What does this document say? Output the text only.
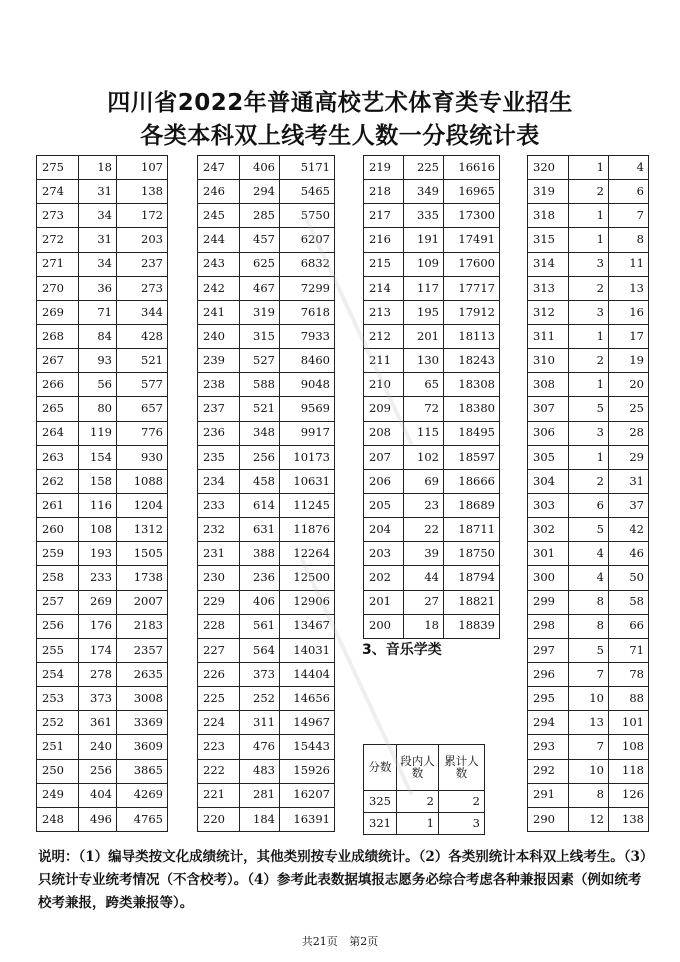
四川省2022年普通高校艺术体育类专业招生
各类本科双上线考生人数一分段统计表
275	18	107
274	31	138
273	34	172
272	31	203
271	34	237
270	36	273
269	71	344
268	84	428
267	93	521
266	56	577
265	80	657
264	119	776
263	154	930
262	158	1088
261	116	1204
260	108	1312
259	193	1505
258	233	1738
257	269	2007
256	176	2183
255	174	2357
254	278	2635
253	373	3008
252	361	3369
251	240	3609
250	256	3865
249	404	4269
248	496	4765
247	406	5171
246	294	5465
245	285	5750
244	457	6207
243	625	6832
242	467	7299
241	319	7618
240	315	7933
239	527	8460
238	588	9048
237	521	9569
236	348	9917
235	256	10173
234	458	10631
233	614	11245
232	631	11876
231	388	12264
230	236	12500
229	406	12906
228	561	13467
227	564	14031
226	373	14404
225	252	14656
224	311	14967
223	476	15443
222	483	15926
221	281	16207
220	184	16391
219	225	16616
218	349	16965
217	335	17300
216	191	17491
215	109	17600
214	117	17717
213	195	17912
212	201	18113
211	130	18243
210	65	18308
209	72	18380
208	115	18495
207	102	18597
206	69	18666
205	23	18689
204	22	18711
203	39	18750
202	44	18794
201	27	18821
200	18	18839
320	1	4
319	2	6
318	1	7
315	1	8
314	3	11
313	2	13
312	3	16
311	1	17
310	2	19
308	1	20
307	5	25
306	3	28
305	1	29
304	2	31
303	6	37
302	5	42
301	4	46
300	4	50
299	8	58
298	8	66
297	5	71
296	7	78
295	10	88
294	13	101
293	7	108
292	10	118
291	8	126
290	12	138
3、音乐学类
分数	段内人数	累计人数
325	2	2
321	1	3
说明：（1）编导类按文化成绩统计，其他类别按专业成绩统计。（2）各类别统计本科双上线考生。（3）只统计专业统考情况（不含校考）。（4）参考此表数据填报志愿务必综合考虑各种兼报因素（例如统考校考兼报，跨类兼报等）。
共21页 第2页
